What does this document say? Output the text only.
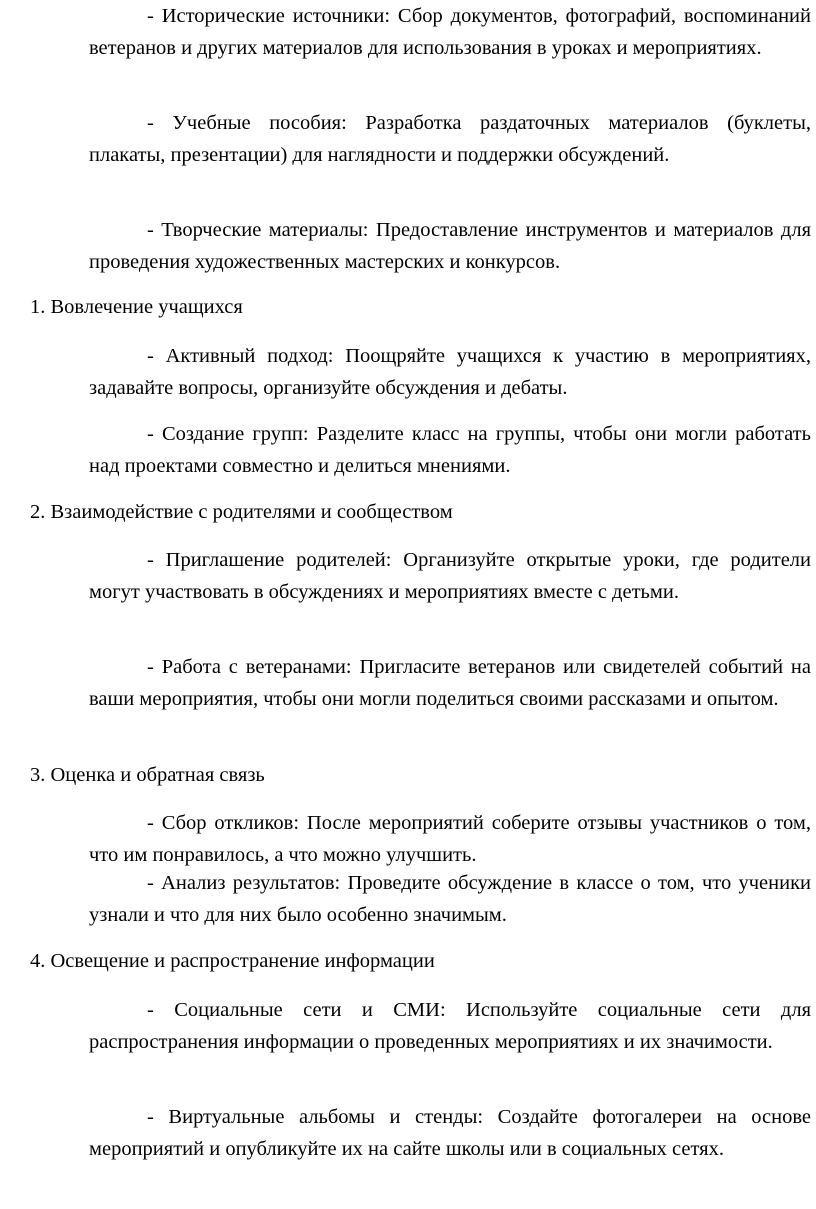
- Исторические источники: Сбор документов, фотографий, воспоминаний ветеранов и других материалов для использования в уроках и мероприятиях.

- Учебные пособия: Разработка раздаточных материалов (буклеты, плакаты, презентации) для наглядности и поддержки обсуждений.

- Творческие материалы: Предоставление инструментов и материалов для проведения художественных мастерских и конкурсов.

1. Вовлечение учащихся

- Активный подход: Поощряйте учащихся к участию в мероприятиях, задавайте вопросы, организуйте обсуждения и дебаты.

- Создание групп: Разделите класс на группы, чтобы они могли работать над проектами совместно и делиться мнениями.

2. Взаимодействие с родителями и сообществом

- Приглашение родителей: Организуйте открытые уроки, где родители могут участвовать в обсуждениях и мероприятиях вместе с детьми.

- Работа с ветеранами: Пригласите ветеранов или свидетелей событий на ваши мероприятия, чтобы они могли поделиться своими рассказами и опытом.

3. Оценка и обратная связь

- Сбор откликов: После мероприятий соберите отзывы участников о том, что им понравилось, а что можно улучшить.

- Анализ результатов: Проведите обсуждение в классе о том, что ученики узнали и что для них было особенно значимым.

4. Освещение и распространение информации

- Социальные сети и СМИ: Используйте социальные сети для распространения информации о проведенных мероприятиях и их значимости.

- Виртуальные альбомы и стенды: Создайте фотогалереи на основе мероприятий и опубликуйте их на сайте школы или в социальных сетях.
